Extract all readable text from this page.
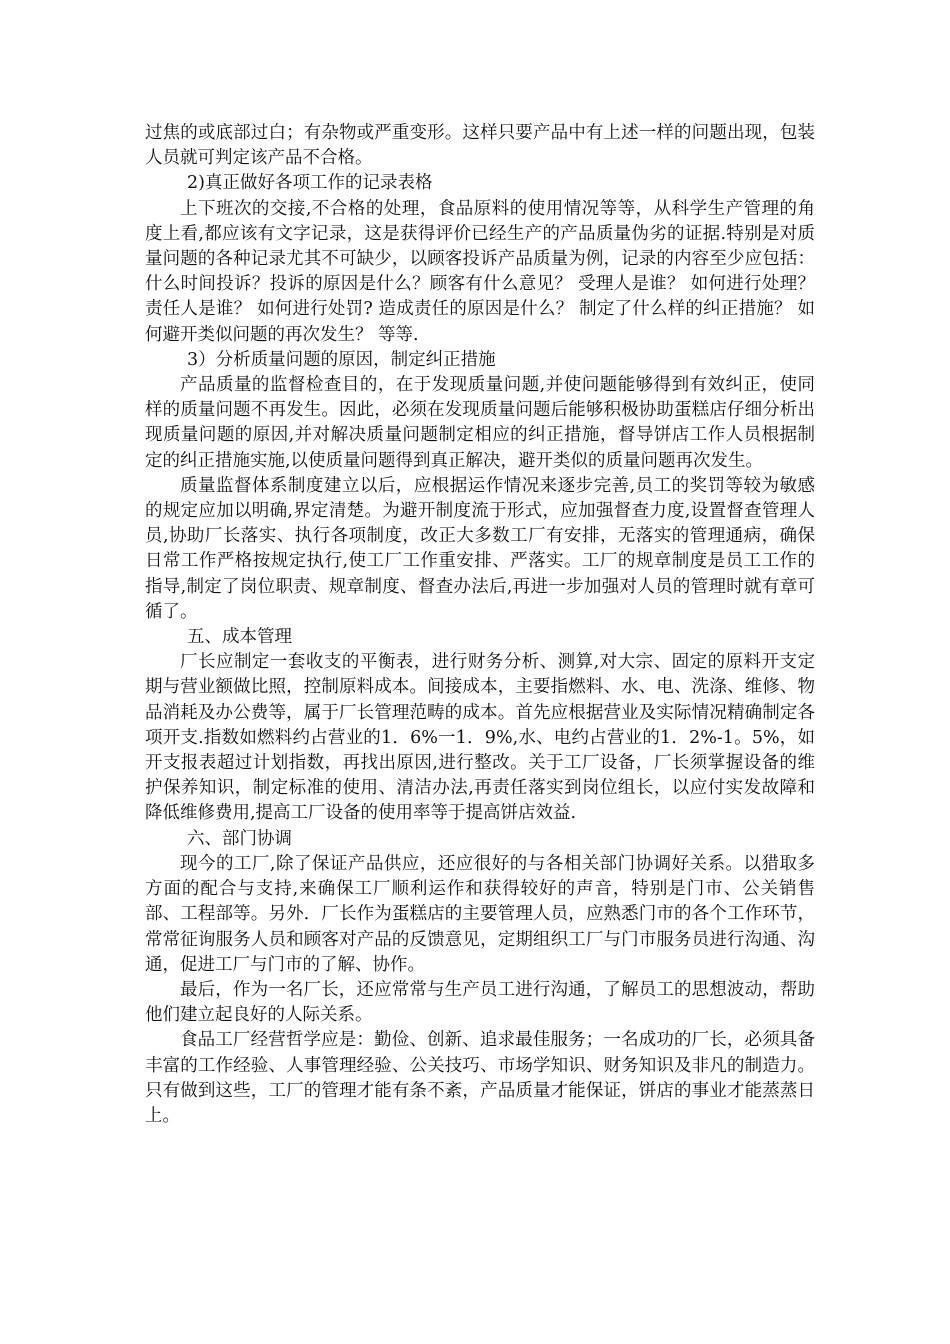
过焦的或底部过白；有杂物或严重变形。这样只要产品中有上述一样的问题出现，包装人员就可判定该产品不合格。

2)真正做好各项工作的记录表格

上下班次的交接,不合格的处理，食品原料的使用情况等等，从科学生产管理的角度上看,都应该有文字记录，这是获得评价已经生产的产品质量伪劣的证据.特别是对质量问题的各种记录尤其不可缺少，以顾客投诉产品质量为例，记录的内容至少应包括：什么时间投诉？投诉的原因是什么？顾客有什么意见？ 受理人是谁？ 如何进行处理？ 责任人是谁？ 如何进行处罚? 造成责任的原因是什么？ 制定了什么样的纠正措施？ 如何避开类似问题的再次发生？ 等等.

3）分析质量问题的原因，制定纠正措施

产品质量的监督检查目的，在于发现质量问题,并使问题能够得到有效纠正，使同样的质量问题不再发生。因此，必须在发现质量问题后能够积极协助蛋糕店仔细分析出现质量问题的原因,并对解决质量问题制定相应的纠正措施，督导饼店工作人员根据制定的纠正措施实施,以使质量问题得到真正解决，避开类似的质量问题再次发生。

质量监督体系制度建立以后，应根据运作情况来逐步完善,员工的奖罚等较为敏感的规定应加以明确,界定清楚。为避开制度流于形式，应加强督查力度,设置督查管理人员,协助厂长落实、执行各项制度，改正大多数工厂有安排，无落实的管理通病，确保日常工作严格按规定执行,使工厂工作重安排、严落实。工厂的规章制度是员工工作的指导,制定了岗位职责、规章制度、督查办法后,再进一步加强对人员的管理时就有章可循了。

五、成本管理

厂长应制定一套收支的平衡表，进行财务分析、测算,对大宗、固定的原料开支定期与营业额做比照，控制原料成本。间接成本，主要指燃料、水、电、洗涤、维修、物品消耗及办公费等，属于厂长管理范畴的成本。首先应根据营业及实际情况精确制定各项开支.指数如燃料约占营业的1．6%一1．9%,水、电约占营业的1．2%-1。5%，如开支报表超过计划指数，再找出原因,进行整改。关于工厂设备，厂长须掌握设备的维护保养知识，制定标准的使用、清洁办法,再责任落实到岗位组长，以应付实发故障和降低维修费用,提高工厂设备的使用率等于提高饼店效益.

六、部门协调

现今的工厂,除了保证产品供应，还应很好的与各相关部门协调好关系。以猎取多方面的配合与支持,来确保工厂顺利运作和获得较好的声音，特别是门市、公关销售部、工程部等。另外．厂长作为蛋糕店的主要管理人员，应熟悉门市的各个工作环节，常常征询服务人员和顾客对产品的反馈意见，定期组织工厂与门市服务员进行沟通、沟通，促进工厂与门市的了解、协作。

最后，作为一名厂长，还应常常与生产员工进行沟通，了解员工的思想波动，帮助他们建立起良好的人际关系。

食品工厂经营哲学应是：勤俭、创新、追求最佳服务；一名成功的厂长，必须具备丰富的工作经验、人事管理经验、公关技巧、市场学知识、财务知识及非凡的制造力。只有做到这些，工厂的管理才能有条不紊，产品质量才能保证，饼店的事业才能蒸蒸日上。
